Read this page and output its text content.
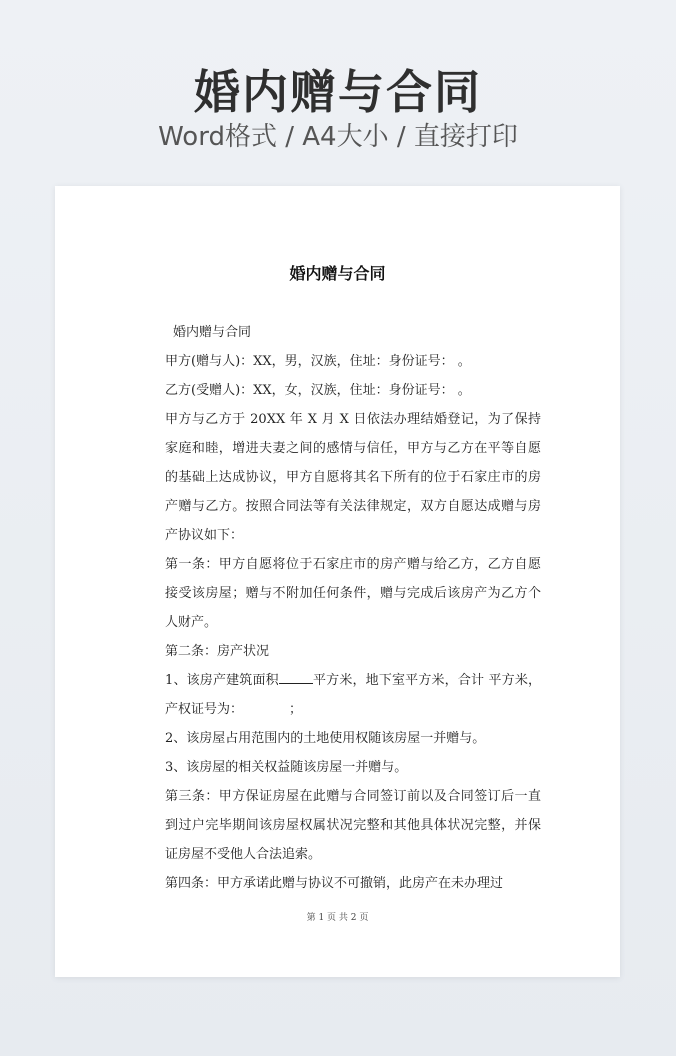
婚内赠与合同
Word格式 / A4大小 / 直接打印
婚内赠与合同

婚内赠与合同

甲方(赠与人)：XX，男，汉族，住址：身份证号： 。

乙方(受赠人)：XX，女，汉族，住址：身份证号： 。

甲方与乙方于 20XX 年 X 月 X 日依法办理结婚登记，为了保持家庭和睦，增进夫妻之间的感情与信任，甲方与乙方在平等自愿的基础上达成协议，甲方自愿将其名下所有的位于石家庄市的房产赠与乙方。按照合同法等有关法律规定，双方自愿达成赠与房产协议如下：

第一条：甲方自愿将位于石家庄市的房产赠与给乙方，乙方自愿接受该房屋；赠与不附加任何条件，赠与完成后该房产为乙方个人财产。

第二条：房产状况

1、该房产建筑面积	平方米，地下室平方米，合计 平方米，产权证号为：	；

2、该房屋占用范围内的土地使用权随该房屋一并赠与。

3、该房屋的相关权益随该房屋一并赠与。

第三条：甲方保证房屋在此赠与合同签订前以及合同签订后一直到过户完毕期间该房屋权属状况完整和其他具体状况完整，并保证房屋不受他人合法追索。

第四条：甲方承诺此赠与协议不可撤销，此房产在未办理过

第 1 页 共 2 页
